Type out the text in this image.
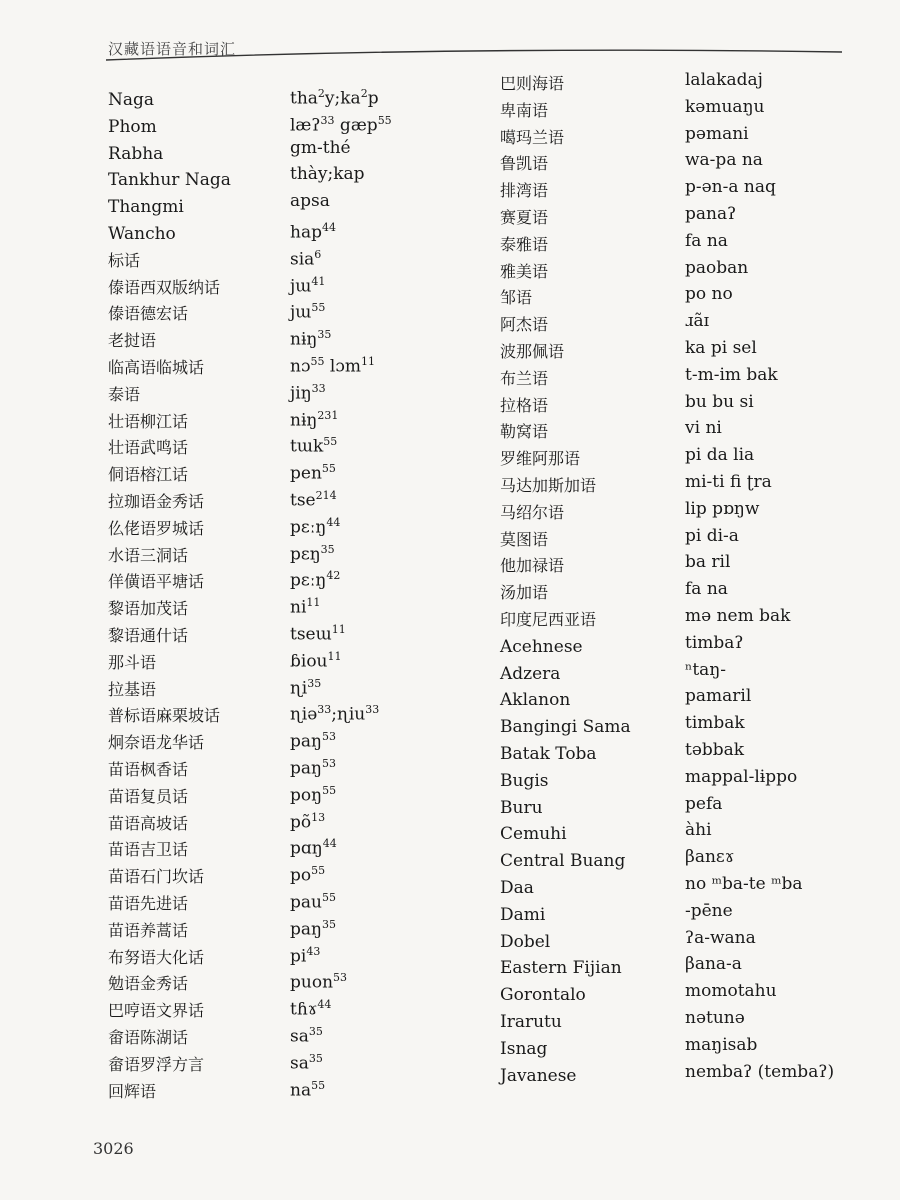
汉藏语语音和词汇
Naga
Phom
Rabha
Tankhur Naga
Thangmi
Wancho
标话
傣语西双版纳话
傣语德宏话
老挝语
临高语临城话
泰语
壮语柳江话
壮语武鸣话
侗语榕江话
拉珈语金秀话
仫佬语罗城话
水语三洞话
佯僙语平塘话
黎语加茂话
黎语通什话
那斗语
拉基语
普标语麻栗坡话
炯奈语龙华话
苗语枫香话
苗语复员话
苗语高坡话
苗语吉卫话
苗语石门坎话
苗语先进话
苗语养蒿话
布努语大化话
勉语金秀话
巴哼语文界话
畲语陈湖话
畲语罗浮方言
回辉语
$tha^2y;ka^2p$
læʔ$^{33}$ gæp$^{55}$
gm-thé
thày;kap
apsa
hap$^{44}$
sia$^6$
jɯ$^{41}$
jɯ$^{55}$
nɨŋ$^{35}$
nɔ$^{55}$ lɔm$^{11}$
jiŋ$^{33}$
nɨŋ$^{231}$
tɯk$^{55}$
pen$^{55}$
tse$^{214}$
pɛːŋ$^{44}$
pɛŋ$^{35}$
pɛːŋ$^{42}$
$ni^{11}$
tseɯ$^{11}$
ɓiou$^{11}$
ɳi$^{35}$
ɳiə$^{33}$;ɳiu$^{33}$
paŋ$^{53}$
paŋ$^{53}$
poŋ$^{55}$
$põ^{13}$
pɑŋ$^{44}$
$po^{55}$
pau$^{55}$
paŋ$^{35}$
$pi^{43}$
puon$^{53}$
tɦɤ$^{44}$
$sa^{35}$
$sa^{35}$
$na^{55}$
巴则海语
卑南语
噶玛兰语
鲁凯语
排湾语
赛夏语
泰雅语
雅美语
邹语
阿杰语
波那佩语
布兰语
拉格语
勒窝语
罗维阿那语
马达加斯加语
马绍尔语
莫图语
他加禄语
汤加语
印度尼西亚语
Acehnese
Adzera
Aklanon
Bangingi Sama
Batak Toba
Bugis
Buru
Cemuhi
Central Buang
Daa
Dami
Dobel
Eastern Fijian
Gorontalo
Irarutu
Isnag
Javanese
lalakadaj
kəmuaŋu
pəmani
wa-pa na
p-ən-a naq
panaʔ
fa na
paoban
po no
ɹãɪ
ka pi sel
t-m-im bak
bu bu si
vi ni
pi da lia
mi-ti fi ʈra
lip pɒŋw
pi di-a
ba ril
fa na
mə nem bak
timbaʔ
ⁿtaŋ-
pamaril
timbak
təbbak
mappal-lɨppo
pefa
àhi
βanɛɤ
no ᵐba-te ᵐba
-pēne
ʔa-wana
βana-a
momotahu
nətunə
maŋisab
nembaʔ (tembaʔ)
3026
